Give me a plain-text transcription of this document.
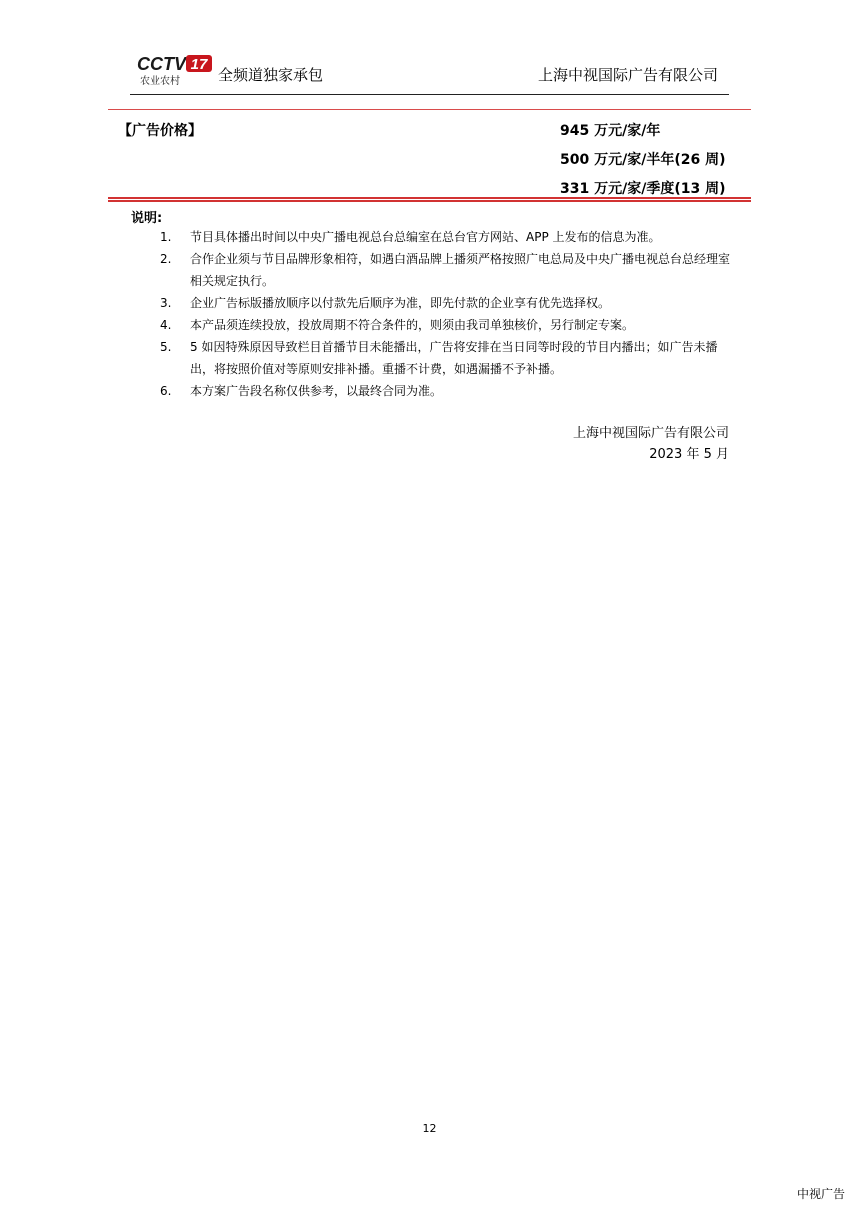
CCTV 17
农业农村	全频道独家承包	上海中视国际广告有限公司
【广告价格】	945 万元/家/年
500 万元/家/半年(26 周)
331 万元/家/季度(13 周)
说明:
1. 节目具体播出时间以中央广播电视总台总编室在总台官方网站、APP 上发布的信息为准。
2. 合作企业须与节目品牌形象相符，如遇白酒品牌上播须严格按照广电总局及中央广播电视总台总经理室相关规定执行。
3. 企业广告标版播放顺序以付款先后顺序为准，即先付款的企业享有优先选择权。
4. 本产品须连续投放，投放周期不符合条件的，则须由我司单独核价，另行制定专案。
5. 5 如因特殊原因导致栏目首播节目未能播出，广告将安排在当日同等时段的节目内播出；如广告未播出，将按照价值对等原则安排补播。重播不计费，如遇漏播不予补播。
6. 本方案广告段名称仅供参考，以最终合同为准。
上海中视国际广告有限公司
2023 年 5 月
12
中视广告
